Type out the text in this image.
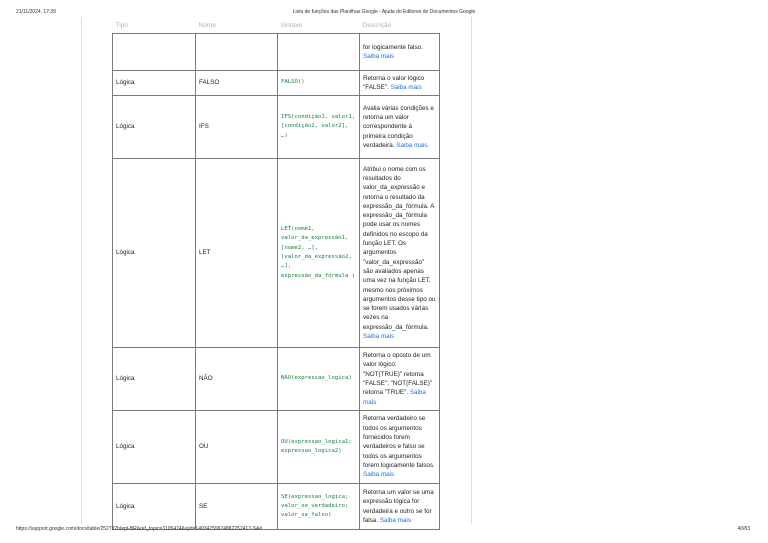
21/11/2024, 17:39	Lista de funções das Planilhas Google - Ajuda do Editores de Documentos Google
Tipo	Nome	Sintaxe	Descrição
			for logicamente falso. Saiba mais
Lógica	FALSO	FALSO()	Retorna o valor lógico "FALSE". Saiba mais
Lógica	IFS	IFS(condição1, valor1, [condição2, valor2], …)	Avalia várias condições e retorna um valor correspondente à primeira condição verdadeira. Saiba mais.
Lógica	LET	LET(nome1, valor_da_expressão1, [nome2, …], [valor_da_expressão2, …], expressão_da_fórmula )	Atribui o nome com os resultados do valor_da_expressão e retorna o resultado da expressão_da_fórmula. A expressão_da_fórmula pode usar os nomes definidos no escopo da função LET. Os argumentos "valor_da_expressão" são avaliados apenas uma vez na função LET, mesmo nos próximos argumentos desse tipo ou se forem usados várias vezes na expressão_da_fórmula. Saiba mais
Lógica	NÃO	NÃO(expressao_logica)	Retorna o oposto de um valor lógico: "NOT(TRUE)" retorna "FALSE"; "NOT(FALSE)" retorna "TRUE". Saiba mais
Lógica	OU	OU(expressao_logica1; expressao_logica2)	Retorna verdadeiro se todos os argumentos fornecidos forem verdadeiros e falso se todos os argumentos forem logicamente falsos. Saiba mais
Lógica	SE	SE(expressao_logica; valor_se_verdadeiro; valor_se_falso)	Retorna um valor se uma expressão lógica for verdadeira e outro se for falsa. Saiba mais
https://support.google.com/docs/table/25273?hl=pt-BR&ref_topic=3105474&sjid=14934759974882252417-SA#	40/83
